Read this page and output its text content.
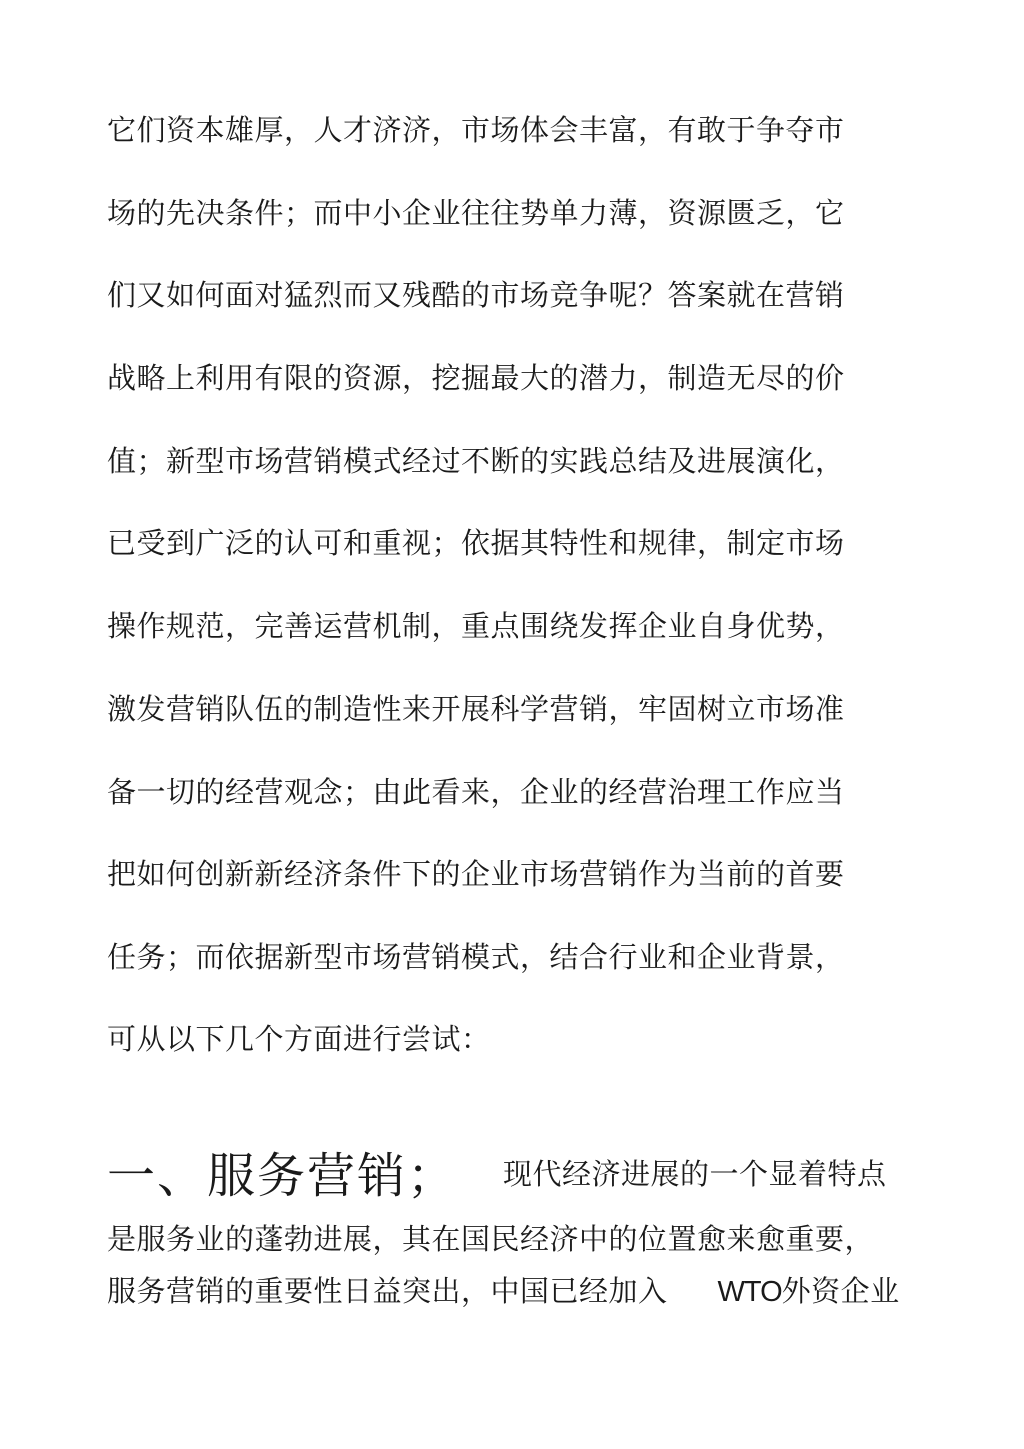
它们资本雄厚，人才济济，市场体会丰富，有敢于争夺市
场的先决条件；而中小企业往往势单力薄，资源匮乏，它
们又如何面对猛烈而又残酷的市场竞争呢？答案就在营销
战略上利用有限的资源，挖掘最大的潜力，制造无尽的价
值；新型市场营销模式经过不断的实践总结及进展演化，
已受到广泛的认可和重视；依据其特性和规律，制定市场
操作规范，完善运营机制，重点围绕发挥企业自身优势，
激发营销队伍的制造性来开展科学营销，牢固树立市场准
备一切的经营观念；由此看来，企业的经营治理工作应当
把如何创新新经济条件下的企业市场营销作为当前的首要
任务；而依据新型市场营销模式，结合行业和企业背景，
可从以下几个方面进行尝试：
一、服务营销； 现代经济进展的一个显着特点
是服务业的蓬勃进展，其在国民经济中的位置愈来愈重要，
服务营销的重要性日益突出，中国已经加入 WTO外资企业
